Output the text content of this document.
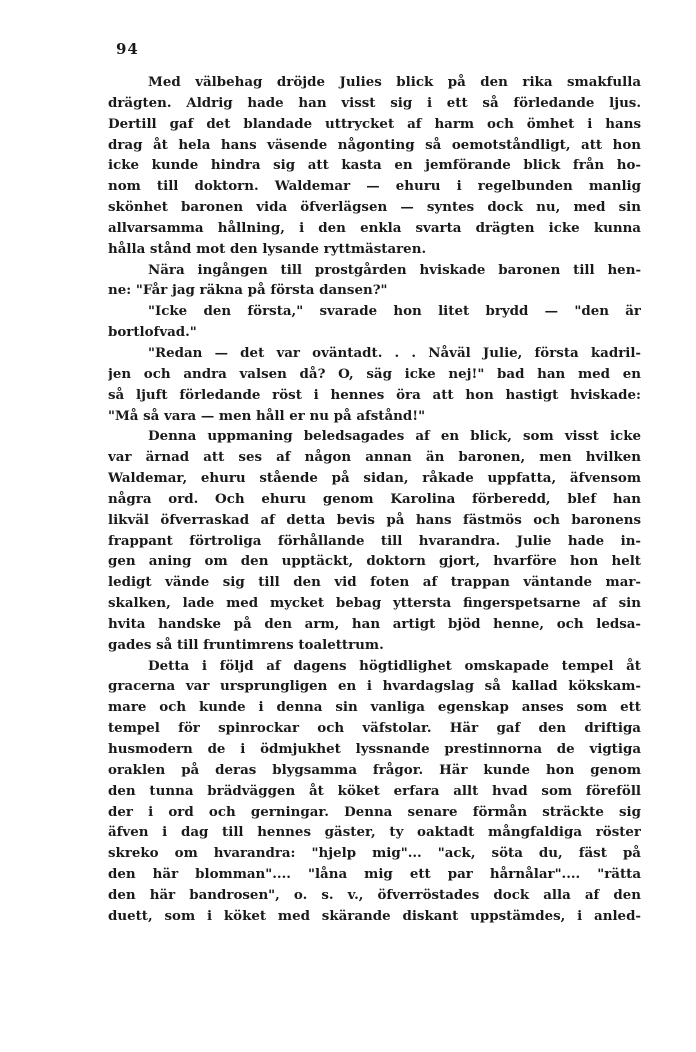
94
Med välbehag dröjde Julies blick på den rika smakfulla
drägten. Aldrig hade han visst sig i ett så förledande ljus.
Dertill gaf det blandade uttrycket af harm och ömhet i hans
drag åt hela hans väsende någonting så oemotståndligt, att hon
icke kunde hindra sig att kasta en jemförande blick från ho-
nom till doktorn. Waldemar — ehuru i regelbunden manlig
skönhet baronen vida öfverlägsen — syntes dock nu, med sin
allvarsamma hållning, i den enkla svarta drägten icke kunna
hålla stånd mot den lysande ryttmästaren.
Nära ingången till prostgården hviskade baronen till hen-
ne: "Får jag räkna på första dansen?"
"Icke den första," svarade hon litet brydd — "den är
bortlofvad."
"Redan — det var oväntadt. . . Nåväl Julie, första kadril-
jen och andra valsen då? O, säg icke nej!" bad han med en
så ljuft förledande röst i hennes öra att hon hastigt hviskade:
"Må så vara — men håll er nu på afstånd!"
Denna uppmaning beledsagades af en blick, som visst icke
var ärnad att ses af någon annan än baronen, men hvilken
Waldemar, ehuru stående på sidan, råkade uppfatta, äfvensom
några ord. Och ehuru genom Karolina förberedd, blef han
likväl öfverraskad af detta bevis på hans fästmös och baronens
frappant förtroliga förhållande till hvarandra. Julie hade in-
gen aning om den upptäckt, doktorn gjort, hvarföre hon helt
ledigt vände sig till den vid foten af trappan väntande mar-
skalken, lade med mycket bebag yttersta fingerspetsarne af sin
hvita handske på den arm, han artigt bjöd henne, och ledsa-
gades så till fruntimrens toalettrum.
Detta i följd af dagens högtidlighet omskapade tempel åt
gracerna var ursprungligen en i hvardagslag så kallad kökskam-
mare och kunde i denna sin vanliga egenskap anses som ett
tempel för spinrockar och väfstolar. Här gaf den driftiga
husmodern de i ödmjukhet lyssnande prestinnorna de vigtiga
oraklen på deras blygsamma frågor. Här kunde hon genom
den tunna brädväggen åt köket erfara allt hvad som föreföll
der i ord och gerningar. Denna senare förmån sträckte sig
äfven i dag till hennes gäster, ty oaktadt mångfaldiga röster
skreko om hvarandra: "hjelp mig"... "ack, söta du, fäst på
den här blomman".... "låna mig ett par hårnålar".... "rätta
den här bandrosen", o. s. v., öfverröstades dock alla af den
duett, som i köket med skärande diskant uppstämdes, i anled-
